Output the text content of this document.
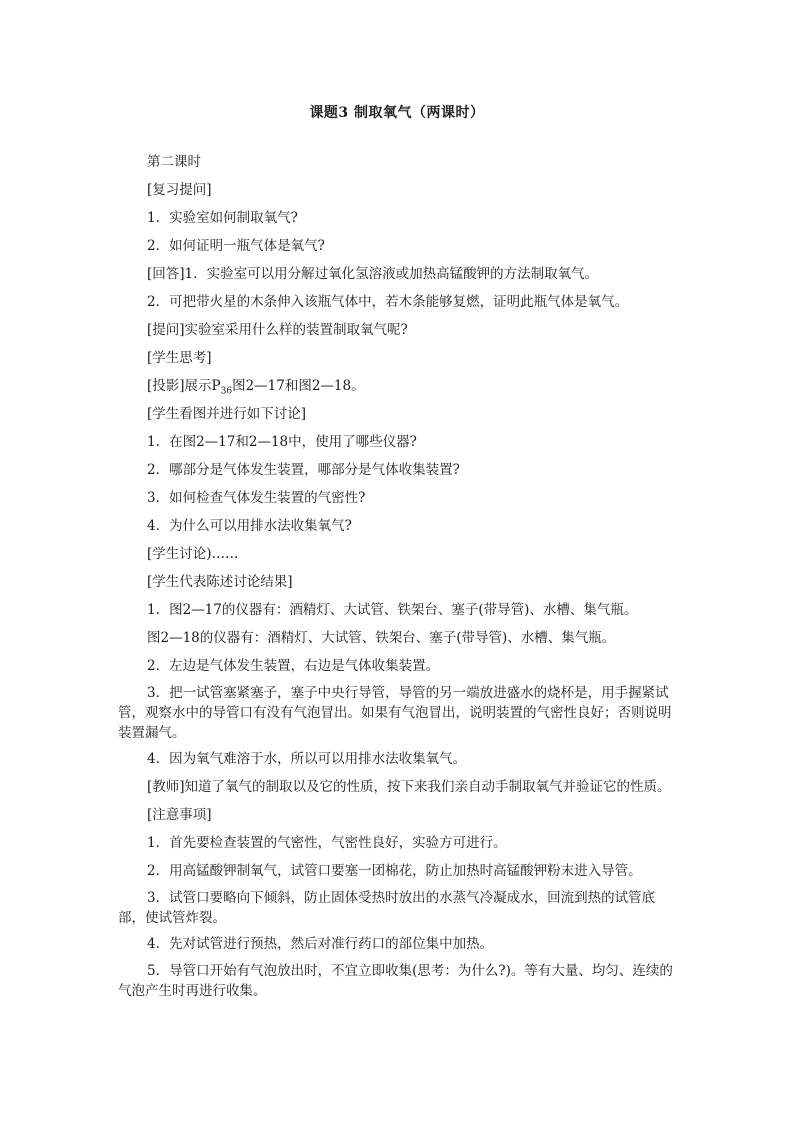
课题3 制取氧气（两课时）

第二课时

[复习提问]

1．实验室如何制取氧气?

2．如何证明一瓶气体是氧气?

[回答]1．实验室可以用分解过氧化氢溶液或加热高锰酸钾的方法制取氧气。

2．可把带火星的木条伸入该瓶气体中，若木条能够复燃，证明此瓶气体是氧气。

[提问]实验室采用什么样的装置制取氧气呢?

[学生思考]

[投影]展示$P_{36}$图2—17和图2—18。

[学生看图并进行如下讨论]

1．在图2—17和2—18中，使用了哪些仪器?

2．哪部分是气体发生装置，哪部分是气体收集装置?

3．如何检查气体发生装置的气密性?

4．为什么可以用排水法收集氧气?

[学生讨论)……

[学生代表陈述讨论结果]

1．图2—17的仪器有：酒精灯、大试管、铁架台、塞子(带导管)、水槽、集气瓶。

图2—18的仪器有：酒精灯、大试管、铁架台、塞子(带导管)、水槽、集气瓶。

2．左边是气体发生装置，右边是气体收集装置。

3．把一试管塞紧塞子，塞子中央行导管，导管的另一端放进盛水的烧杯是，用手握紧试管，观察水中的导管口有没有气泡冒出。如果有气泡冒出，说明装置的气密性良好；否则说明装置漏气。

4．因为氧气难溶于水，所以可以用排水法收集氧气。

[教师]知道了氧气的制取以及它的性质，按下来我们亲自动手制取氧气并验证它的性质。

[注意事项]

1．首先要检查装置的气密性，气密性良好，实验方可进行。

2．用高锰酸钾制氧气，试管口要塞一团棉花，防止加热时高锰酸钾粉末进入导管。

3．试管口要略向下倾斜，防止固体受热时放出的水蒸气冷凝成水，回流到热的试管底部，使试管炸裂。

4．先对试管进行预热，然后对准行药口的部位集中加热。

5．导管口开始有气泡放出时，不宜立即收集(思考：为什么?)。等有大量、均匀、连续的气泡产生时再进行收集。
